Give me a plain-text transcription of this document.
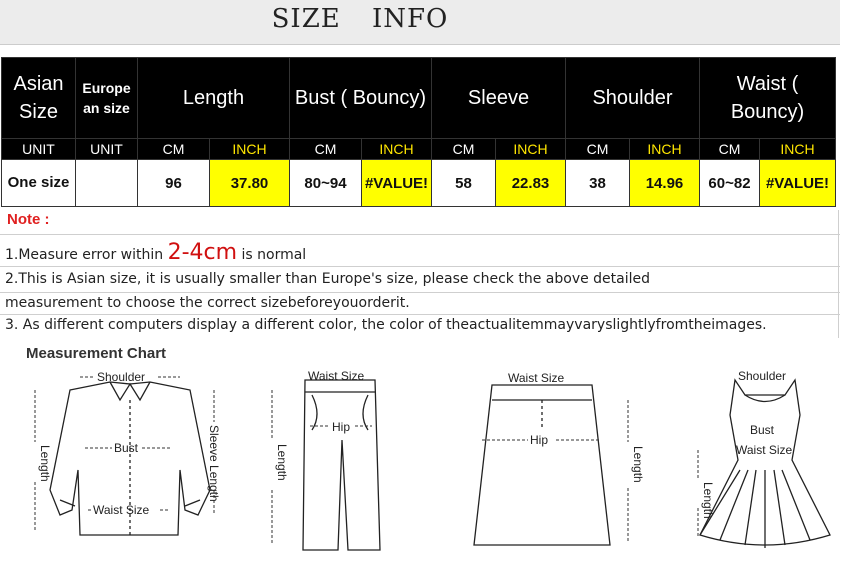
SIZE INFO
Asian Size	Europe an size	Length		Bust ( Bouncy)		Sleeve		Shoulder		Waist ( Bouncy)	
UNIT	UNIT	CM	INCH	CM	INCH	CM	INCH	CM	INCH	CM	INCH
One size		96	37.80	80~94	#VALUE!	58	22.83	38	14.96	60~82	#VALUE!
Note :
1.Measure error within 2-4cm is normal
2.This is Asian size, it is usually smaller than Europe's size, please check the above detailed
measurement to choose the correct sizebeforeyouorderit.
3. As different computers display a different color, the color of theactualitemmayvaryslightlyfromtheimages.
Measurement Chart
Shoulder
Bust
Waist Size
Length	Sleeve Length
Waist Size
Hip
Length
Waist Size
Hip
Length
Shoulder
Bust
Waist Size
Length
